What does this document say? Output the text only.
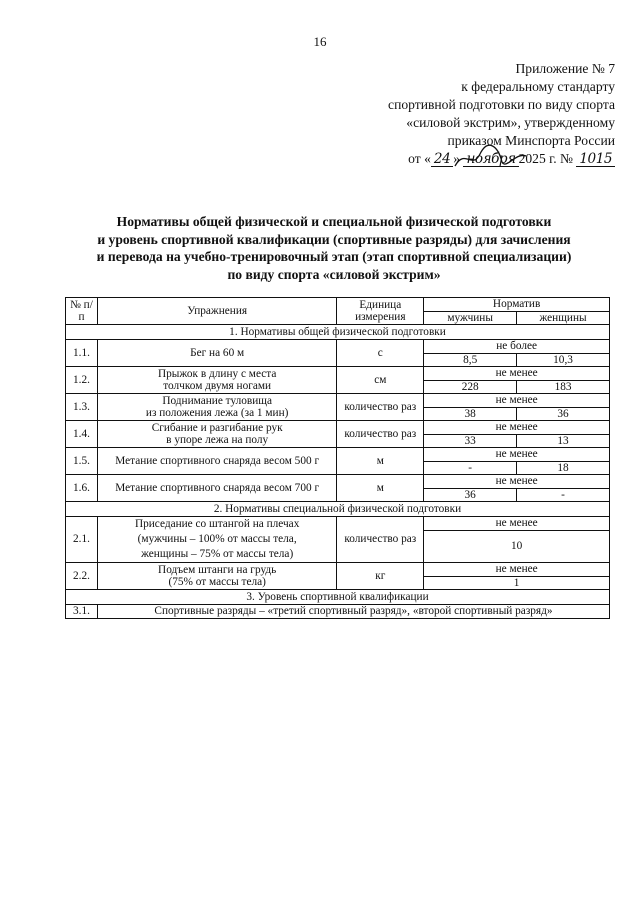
16
Приложение № 7
к федеральному стандарту
спортивной подготовки по виду спорта
«силовой экстрим», утвержденному
приказом Минспорта России
от « 24 » ноября 2025 г. № 1015
Нормативы общей физической и специальной физической подготовки
и уровень спортивной квалификации (спортивные разряды) для зачисления
и перевода на учебно-тренировочный этап (этап спортивной специализации)
по виду спорта «силовой экстрим»
№ п/п	Упражнения	Единица измерения	Норматив	
			мужчины	женщины
1. Нормативы общей физической подготовки				
1.1.	Бег на 60 м	с	не более	
			8,5	10,3
1.2.	Прыжок в длину с места
толчком двумя ногами	см	не менее	
			228	183
1.3.	Поднимание туловища
из положения лежа (за 1 мин)	количество раз	не менее	
			38	36
1.4.	Сгибание и разгибание рук
в упоре лежа на полу	количество раз	не менее	
			33	13
1.5.	Метание спортивного снаряда весом 500 г	м	не менее	
			-	18
1.6.	Метание спортивного снаряда весом 700 г	м	не менее	
			36	-
2. Нормативы специальной физической подготовки				
2.1.	Приседание со штангой на плечах
(мужчины – 100% от массы тела,
женщины – 75% от массы тела)	количество раз	не менее	
			10	
2.2.	Подъем штанги на грудь
(75% от массы тела)	кг	не менее	
			1	
3. Уровень спортивной квалификации				
3.1.	Спортивные разряды – «третий спортивный разряд», «второй спортивный разряд»			
